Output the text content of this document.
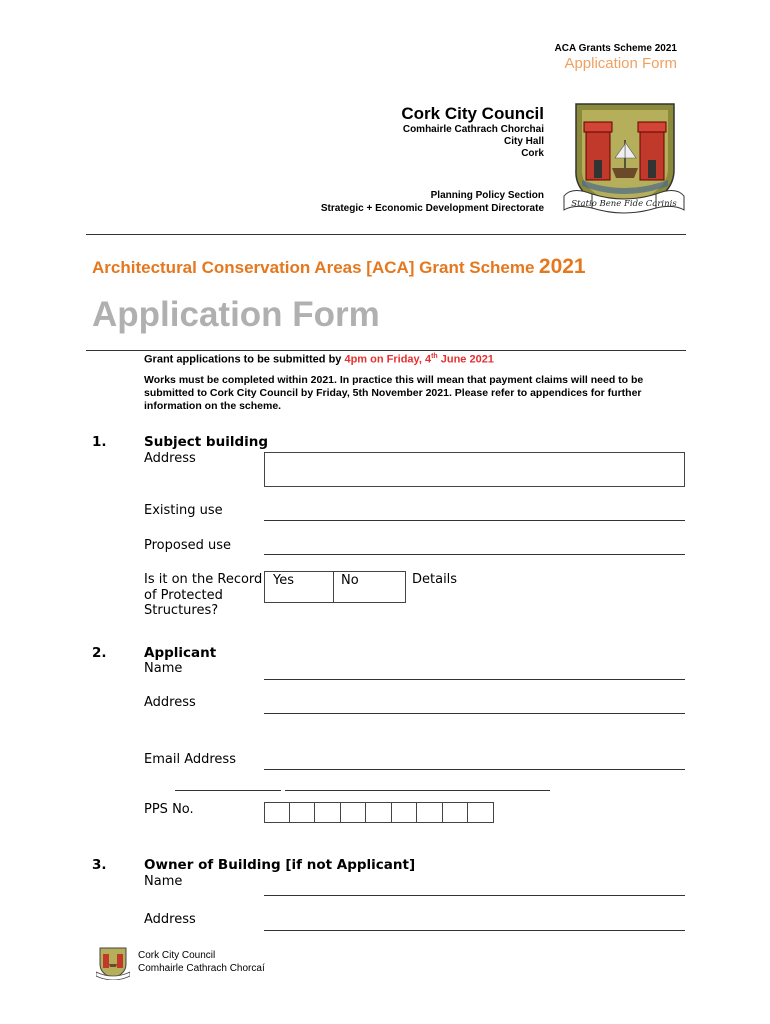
ACA Grants Scheme 2021
Application Form
Cork City Council
Comhairle Cathrach Chorchai
City Hall
Cork
Planning Policy Section
Strategic + Economic Development Directorate	Statio Bene Fide Carinis
Architectural Conservation Areas [ACA] Grant Scheme 2021
Application Form
Grant applications to be submitted by 4pm on Friday, 4th June 2021
Works must be completed within 2021. In practice this will mean that payment claims will need to be submitted to Cork City Council by Friday, 5th November 2021. Please refer to appendices for further information on the scheme.
1.	Subject building
Address
Existing use
Proposed use
Is it on the Record
of Protected
Structures?
Yes	No	Details
2.	Applicant
Name
Address
Email Address
PPS No.
3.	Owner of Building [if not Applicant]
Name
Address
Cork City Council
Comhairle Cathrach Chorcaí
